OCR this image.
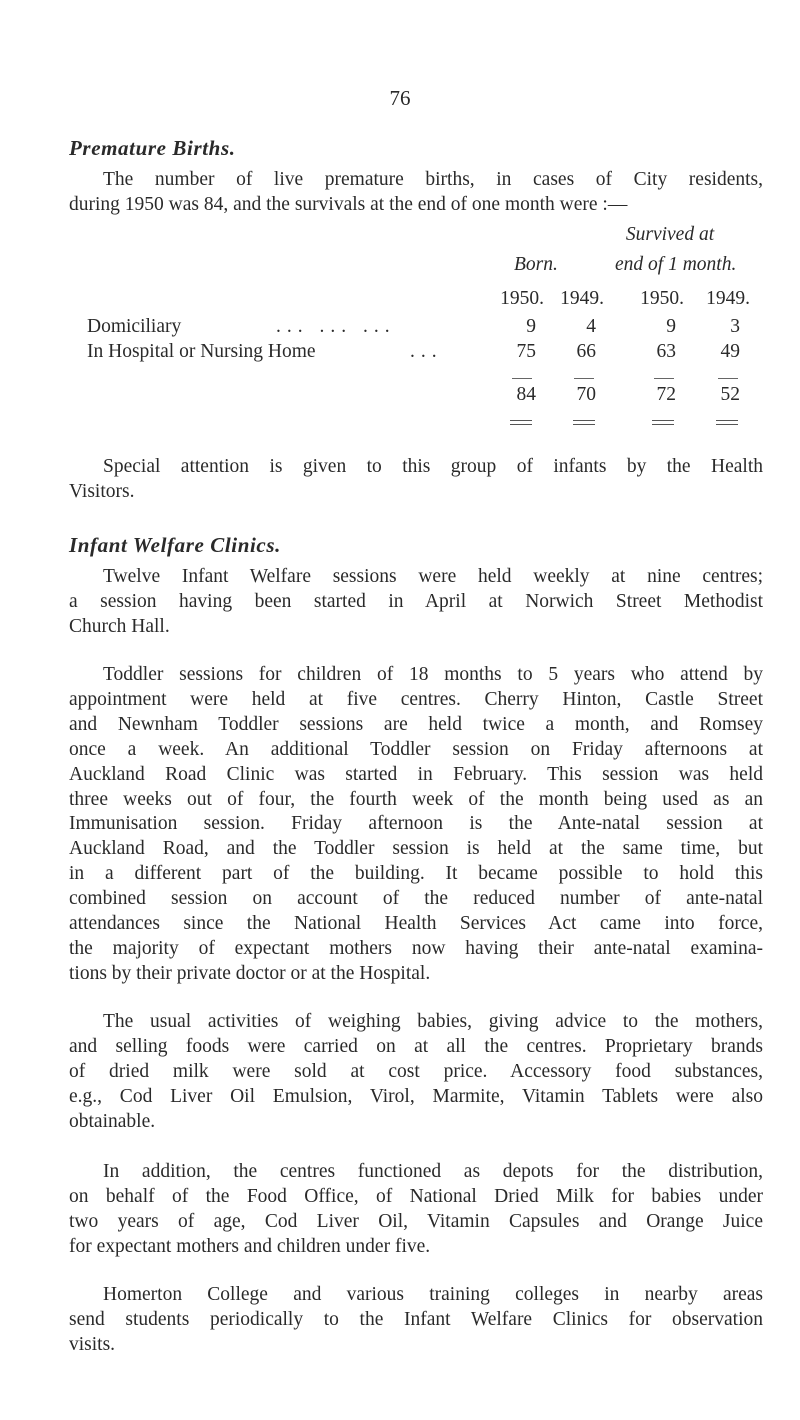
76
Premature Births.
The number of live premature births, in cases of City residents,
during 1950 was 84, and the survivals at the end of one month were :—
Survived at
Born.	end of 1 month.
1950. 1949.	1950.	1949.
Domiciliary	... ... ...	9	4	9	3
In Hospital or Nursing Home	...	75	66	63	49
84	70	72	52
Special attention is given to this group of infants by the Health
Visitors.
Infant Welfare Clinics.
Twelve Infant Welfare sessions were held weekly at nine centres;
a session having been started in April at Norwich Street Methodist
Church Hall.
Toddler sessions for children of 18 months to 5 years who attend by
appointment were held at five centres. Cherry Hinton, Castle Street
and Newnham Toddler sessions are held twice a month, and Romsey
once a week. An additional Toddler session on Friday afternoons at
Auckland Road Clinic was started in February. This session was held
three weeks out of four, the fourth week of the month being used as an
Immunisation session. Friday afternoon is the Ante-natal session at
Auckland Road, and the Toddler session is held at the same time, but
in a different part of the building. It became possible to hold this
combined session on account of the reduced number of ante-natal
attendances since the National Health Services Act came into force,
the majority of expectant mothers now having their ante-natal examina-
tions by their private doctor or at the Hospital.
The usual activities of weighing babies, giving advice to the mothers,
and selling foods were carried on at all the centres. Proprietary brands
of dried milk were sold at cost price. Accessory food substances,
e.g., Cod Liver Oil Emulsion, Virol, Marmite, Vitamin Tablets were also
obtainable.
In addition, the centres functioned as depots for the distribution,
on behalf of the Food Office, of National Dried Milk for babies under
two years of age, Cod Liver Oil, Vitamin Capsules and Orange Juice
for expectant mothers and children under five.
Homerton College and various training colleges in nearby areas
send students periodically to the Infant Welfare Clinics for observation
visits.
